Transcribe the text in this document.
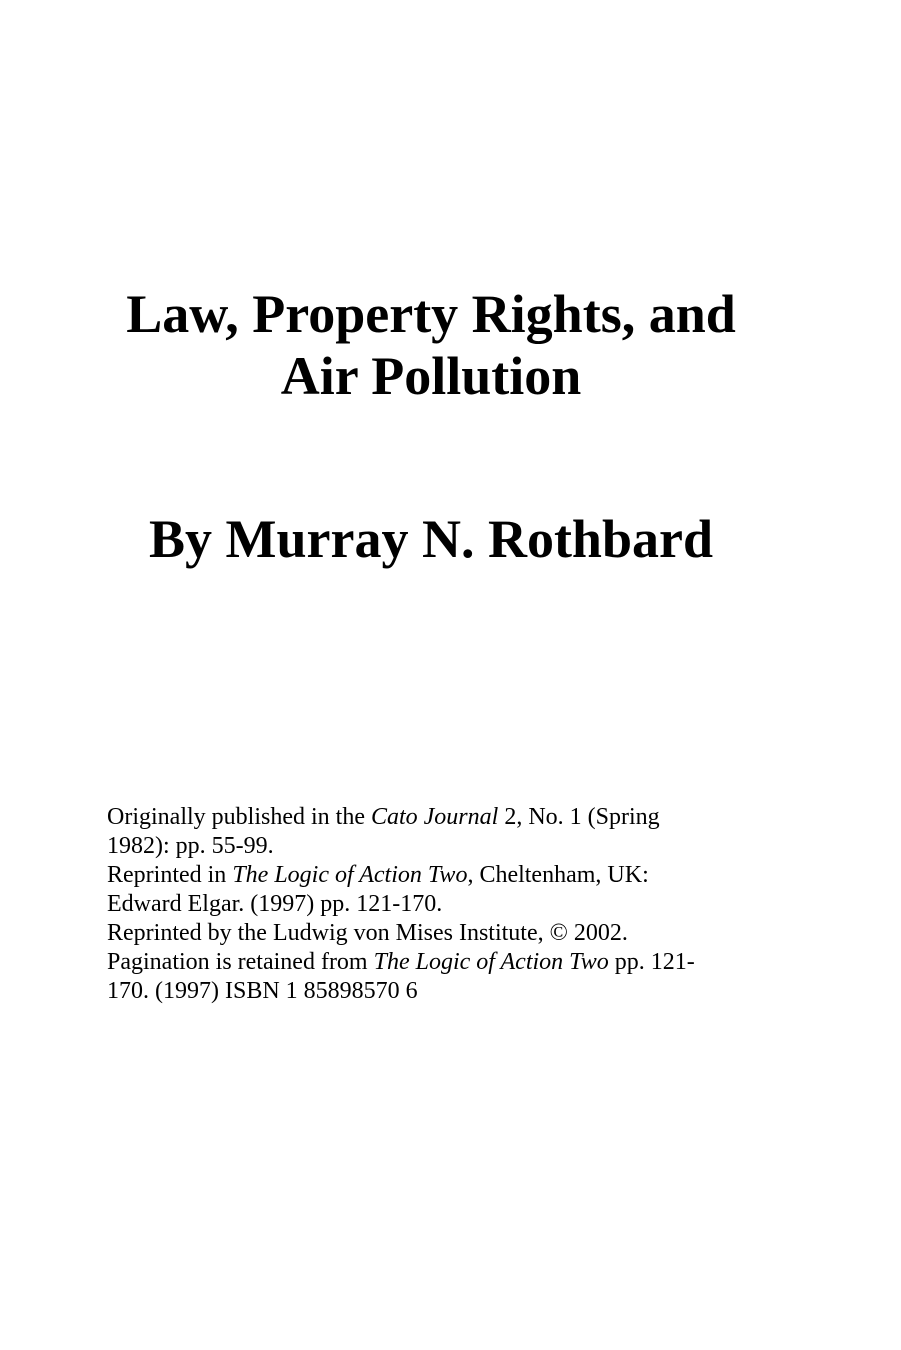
Law, Property Rights, and
Air Pollution
By Murray N. Rothbard
Originally published in the Cato Journal 2, No. 1 (Spring
1982): pp. 55-99.
Reprinted in The Logic of Action Two, Cheltenham, UK:
Edward Elgar. (1997) pp. 121-170.
Reprinted by the Ludwig von Mises Institute, © 2002.
Pagination is retained from The Logic of Action Two pp. 121-
170. (1997) ISBN 1 85898570 6
